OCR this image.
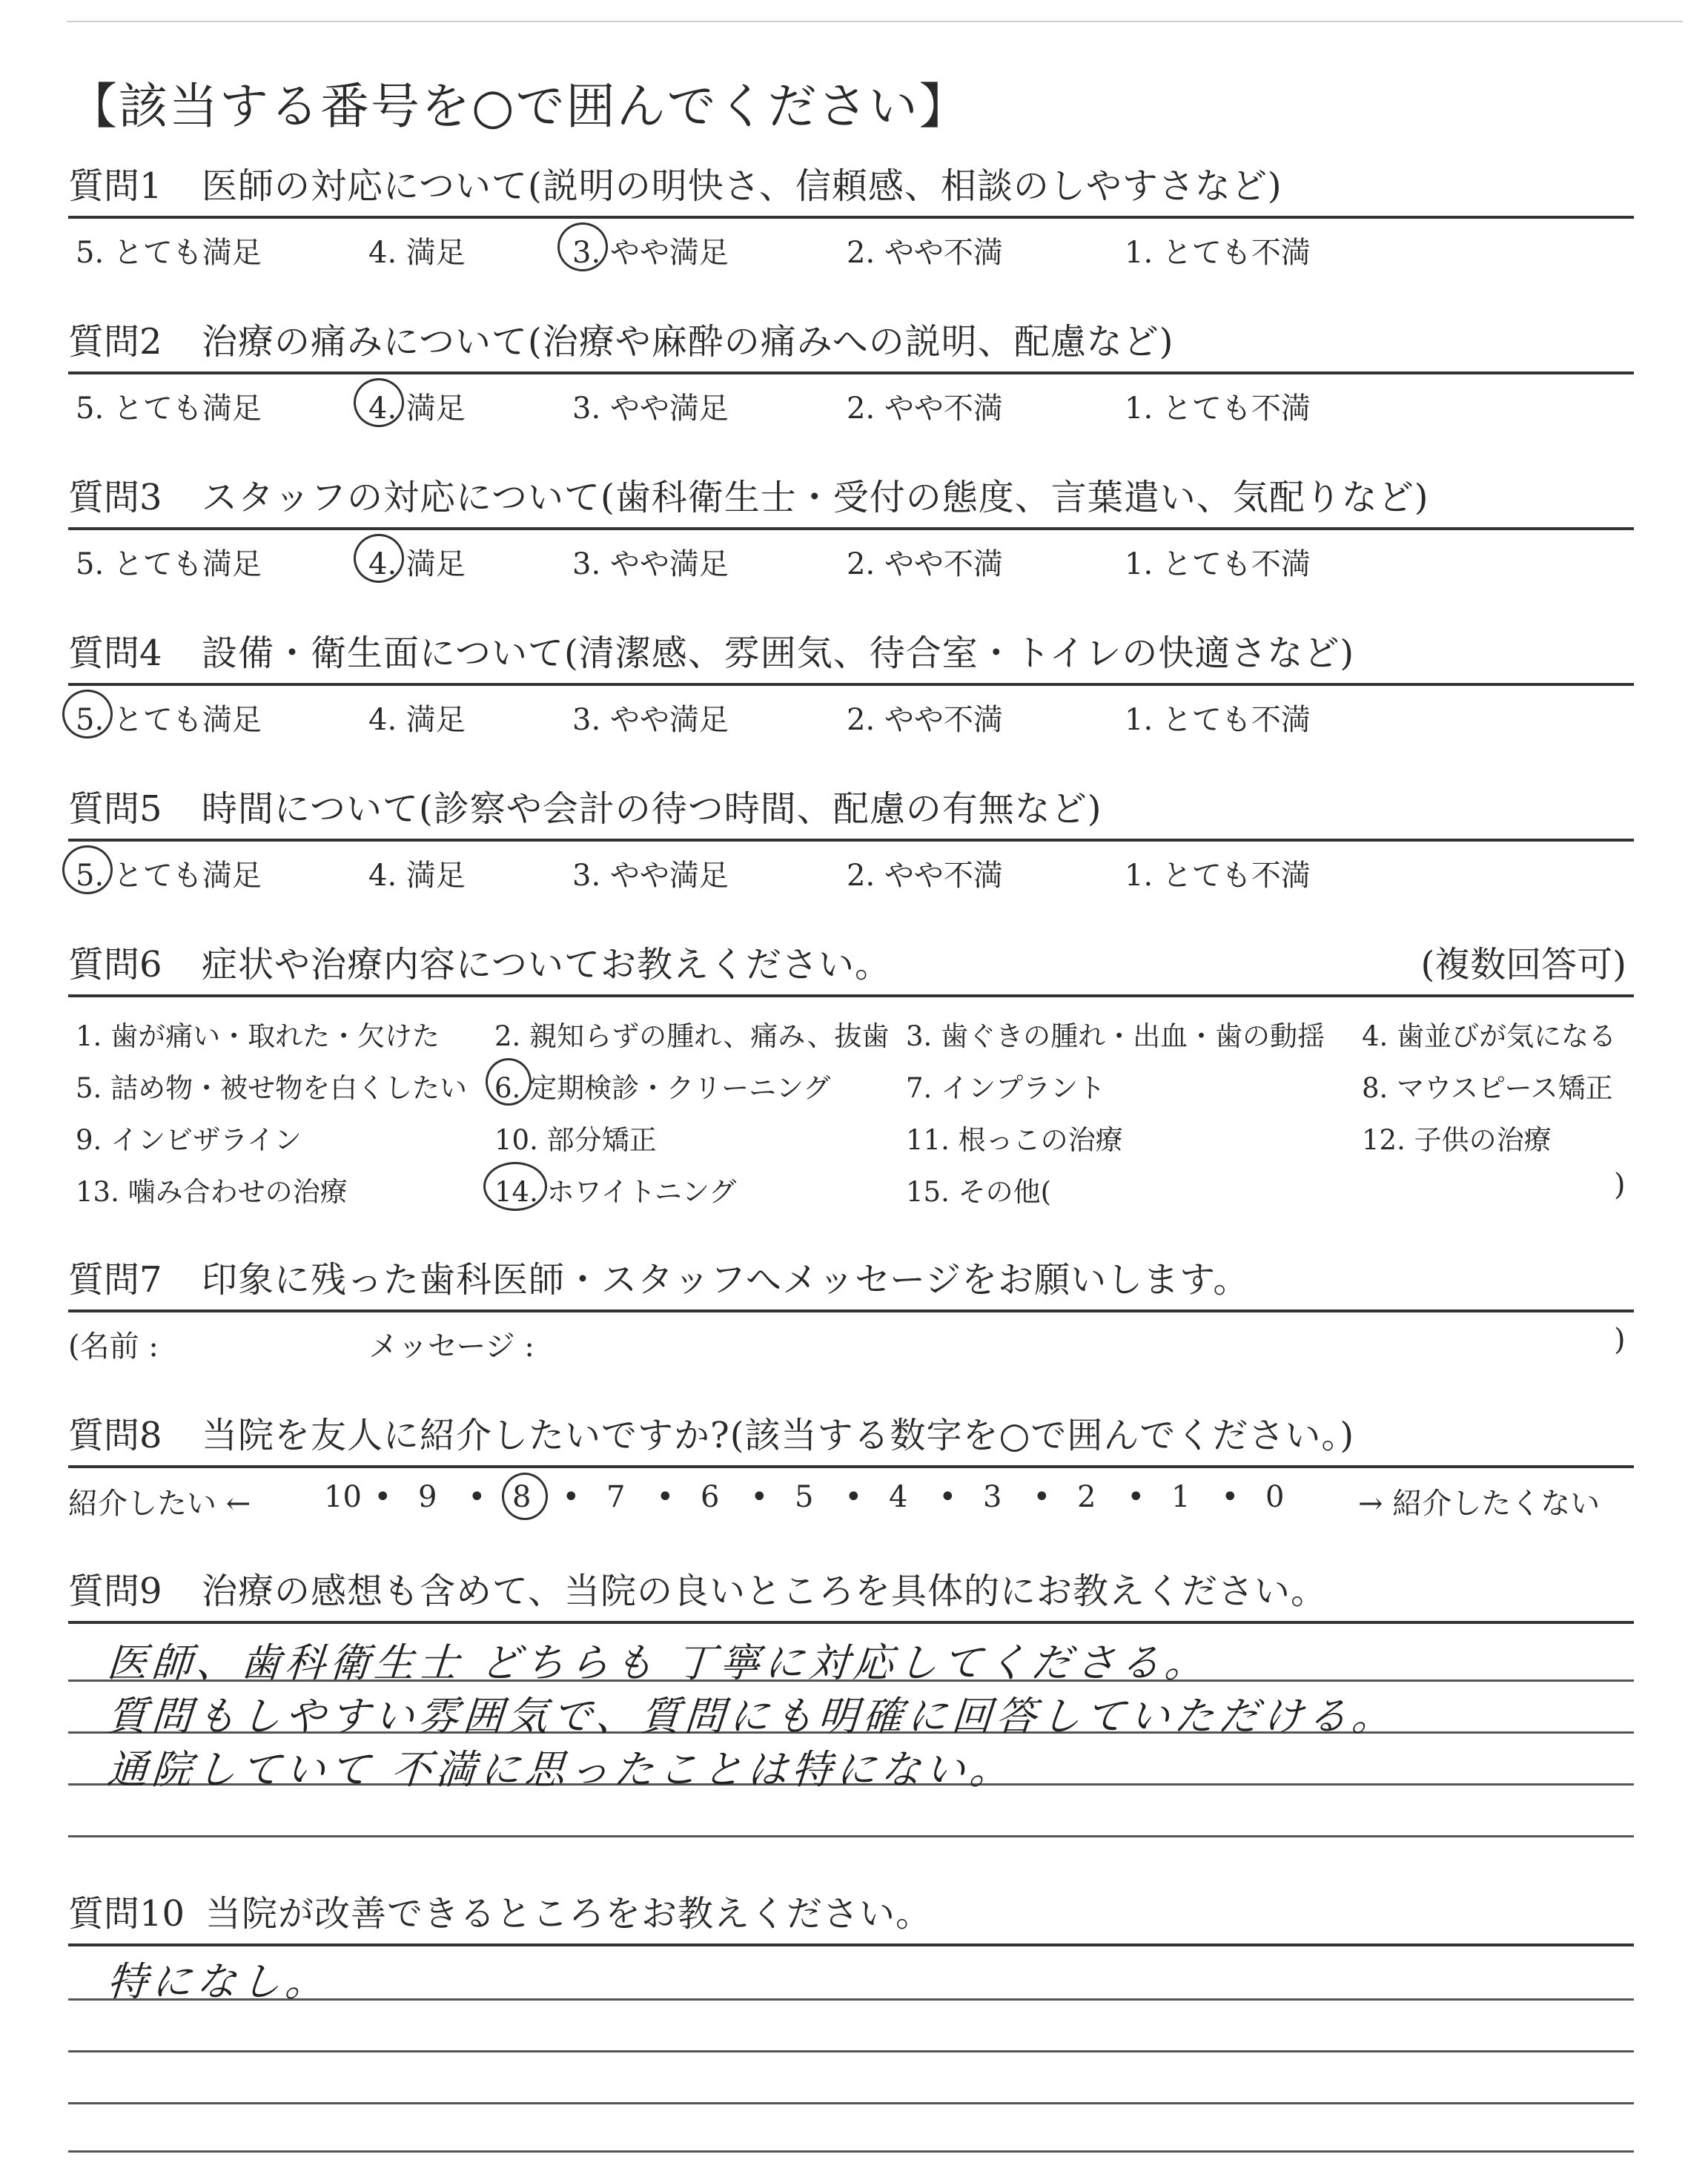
【該当する番号を○で囲んでください】
質問1 医師の対応について(説明の明快さ、信頼感、相談のしやすさなど)
5. とても満足	4. 満足	3. やや満足	2. やや不満	1. とても不満
質問2 治療の痛みについて(治療や麻酔の痛みへの説明、配慮など)
5. とても満足	4. 満足	3. やや満足	2. やや不満	1. とても不満
質問3 スタッフの対応について(歯科衛生士・受付の態度、言葉遣い、気配りなど)
5. とても満足	4. 満足	3. やや満足	2. やや不満	1. とても不満
質問4 設備・衛生面について(清潔感、雰囲気、待合室・トイレの快適さなど)
5. とても満足	4. 満足	3. やや満足	2. やや不満	1. とても不満
質問5 時間について(診察や会計の待つ時間、配慮の有無など)
5. とても満足	4. 満足	3. やや満足	2. やや不満	1. とても不満
質問6 症状や治療内容についてお教えください。	(複数回答可)
1. 歯が痛い・取れた・欠けた 2. 親知らずの腫れ、痛み、抜歯 3. 歯ぐきの腫れ・出血・歯の動揺 4. 歯並びが気になる
5. 詰め物・被せ物を白くしたい 6. 定期検診・クリーニング	7. インプラント	8. マウスピース矯正
9. インビザライン	10. 部分矯正	11. 根っこの治療	12. 子供の治療
13. 噛み合わせの治療	14. ホワイトニング	15. その他(	)
質問7 印象に残った歯科医師・スタッフへメッセージをお願いします。
(名前 :	メッセージ :	)
質問8 当院を友人に紹介したいですか?(該当する数字を○で囲んでください。)
紹介したい ←	→ 紹介したくない
10 • 9 • 8 • 7 • 6 • 5 • 4 • 3 • 2 • 1 • 0
質問9 治療の感想も含めて、当院の良いところを具体的にお教えください。
医師、歯科衛生士 どちらも 丁寧に対応してくださる。
質問もしやすい雰囲気で、質問にも明確に回答していただける。
通院していて 不満に思ったことは特にない。
質問10 当院が改善できるところをお教えください。
特になし。
